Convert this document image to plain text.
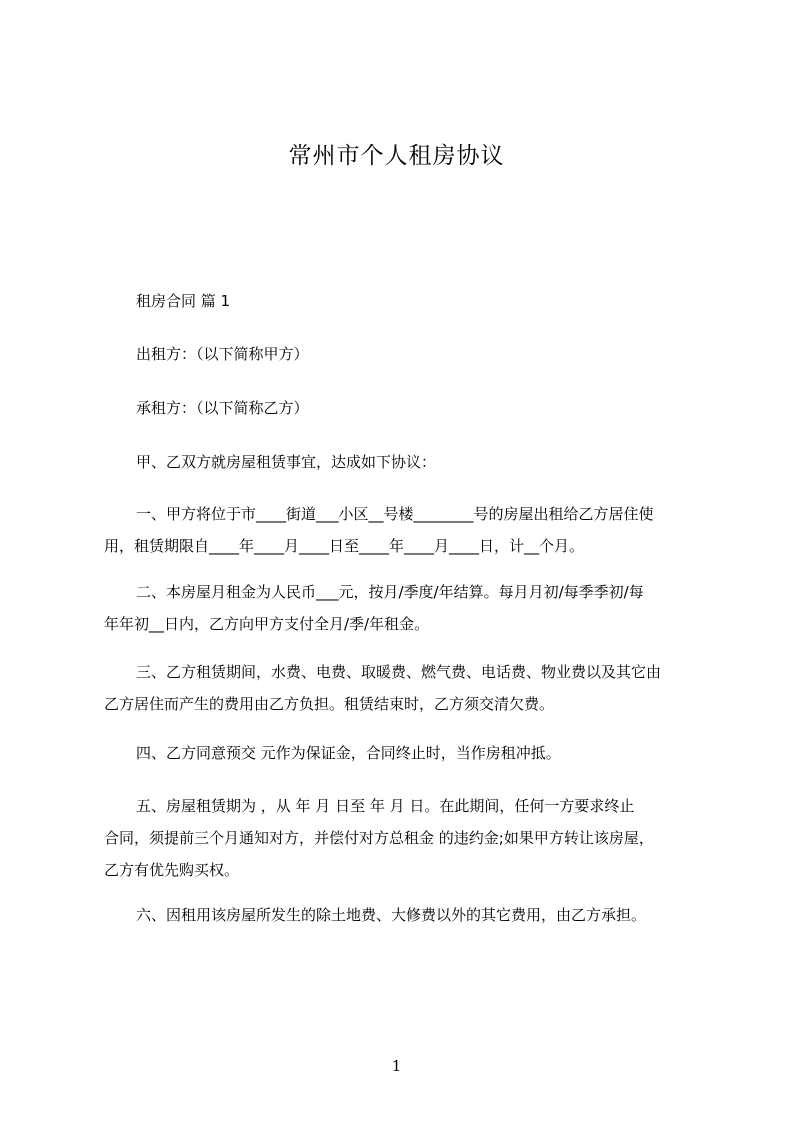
常州市个人租房协议
租房合同 篇 1
出租方：（以下简称甲方）
承租方：（以下简称乙方）
甲、乙双方就房屋租赁事宜，达成如下协议：
一、甲方将位于市____街道___小区__号楼________号的房屋出租给乙方居住使
用，租赁期限自____年____月____日至____年____月____日，计__个月。
二、本房屋月租金为人民币___元，按月/季度/年结算。每月月初/每季季初/每
年年初__日内，乙方向甲方支付全月/季/年租金。
三、乙方租赁期间，水费、电费、取暖费、燃气费、电话费、物业费以及其它由
乙方居住而产生的费用由乙方负担。租赁结束时，乙方须交清欠费。
四、乙方同意预交 元作为保证金，合同终止时，当作房租冲抵。
五、房屋租赁期为 ，从 年 月 日至 年 月 日。在此期间，任何一方要求终止
合同，须提前三个月通知对方，并偿付对方总租金 的违约金;如果甲方转让该房屋，
乙方有优先购买权。
六、因租用该房屋所发生的除土地费、大修费以外的其它费用，由乙方承担。
1
